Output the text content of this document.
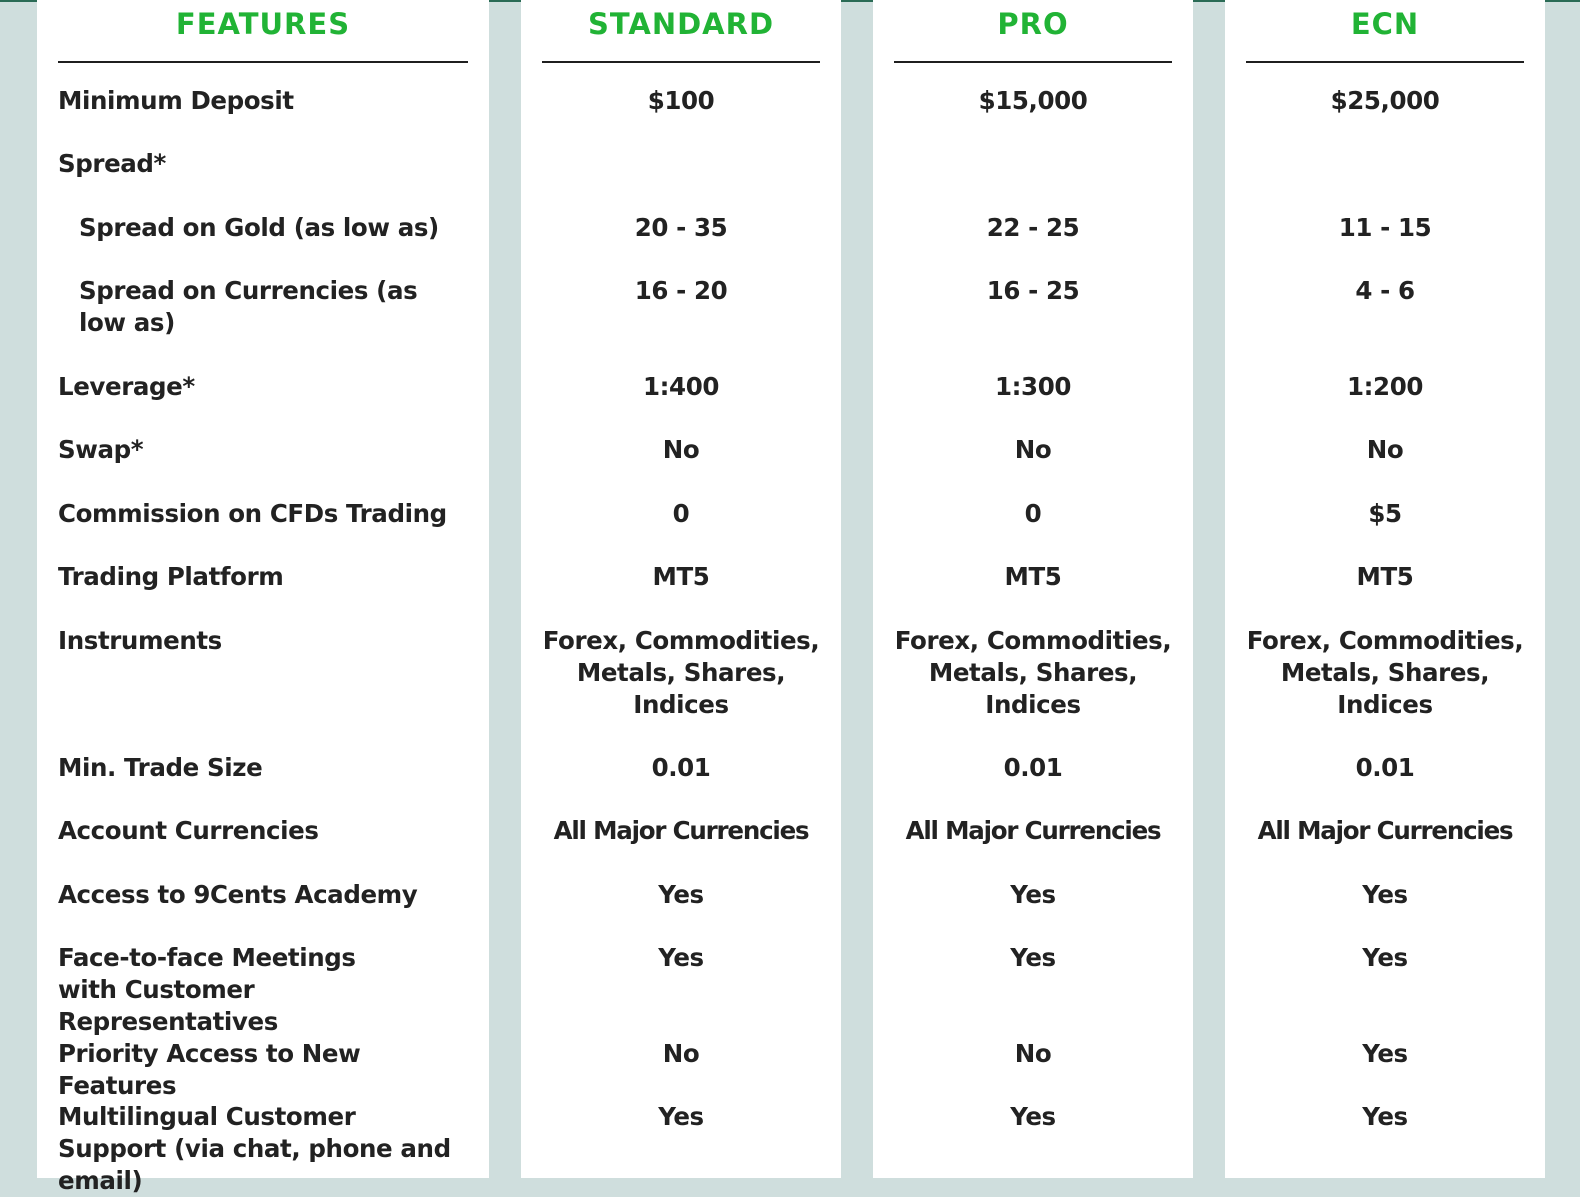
FEATURES
Minimum Deposit
Spread*
Spread on Gold (as low as)
Spread on Currencies (as low as)
Leverage*
Swap*
Commission on CFDs Trading
Trading Platform
Instruments
Min. Trade Size
Account Currencies
Access to 9Cents Academy
Face-to-face Meetings with Customer Representatives
Priority Access to New Features
Multilingual Customer Support (via chat, phone and email)
STANDARD
$100
20 - 35
16 - 20
1:400
No
0
MT5
Forex, Commodities, Metals, Shares, Indices
0.01
All Major Currencies
Yes
Yes
No
Yes
PRO
$15,000
22 - 25
16 - 25
1:300
No
0
MT5
Forex, Commodities, Metals, Shares, Indices
0.01
All Major Currencies
Yes
Yes
No
Yes
ECN
$25,000
11 - 15
4 - 6
1:200
No
$5
MT5
Forex, Commodities, Metals, Shares, Indices
0.01
All Major Currencies
Yes
Yes
Yes
Yes
